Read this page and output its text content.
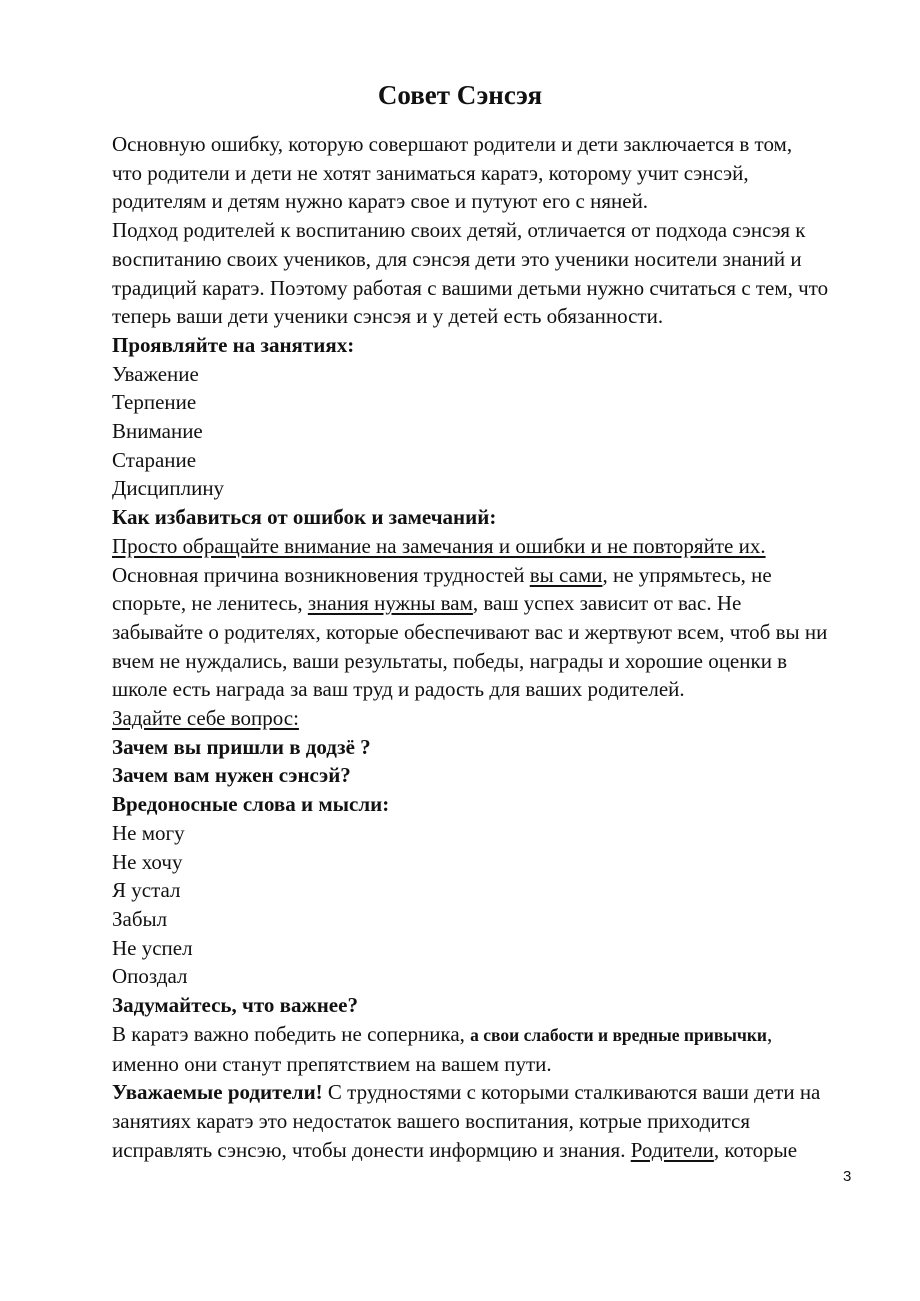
Совет Сэнсэя
Основную ошибку, которую совершают родители и дети заключается в том,
что родители и дети не хотят заниматься каратэ, которому учит сэнсэй,
родителям и детям нужно каратэ свое и путуют его с няней.
Подход родителей к воспитанию своих детяй, отличается от подхода сэнсэя к
воспитанию своих учеников, для сэнсэя дети это ученики носители знаний и
традиций каратэ. Поэтому работая с вашими детьми нужно считаться с тем, что
теперь ваши дети ученики сэнсэя и у детей есть обязанности.
Проявляйте на занятиях:
Уважение
Терпение
Внимание
Старание
Дисциплину
Как избавиться от ошибок и замечаний:
Просто обращайте внимание на замечания и ошибки и не повторяйте их.
Основная причина возникновения трудностей вы сами, не упрямьтесь, не
спорьте, не ленитесь, знания нужны вам, ваш успех зависит от вас. Не
забывайте о родителях, которые обеспечивают вас и жертвуют всем, чтоб вы ни
вчем не нуждались, ваши результаты, победы, награды и хорошие оценки в
школе есть награда за ваш труд и радость для ваших родителей.
Задайте себе вопрос:
Зачем вы пришли в додзё ?
Зачем вам нужен сэнсэй?
Вредоносные слова и мысли:
Не могу
Не хочу
Я устал
Забыл
Не успел
Опоздал
Задумайтесь, что важнее?
В каратэ важно победить не соперника, а свои слабости и вредные привычки,
именно они станут препятствием на вашем пути.
Уважаемые родители! С трудностями с которыми сталкиваются ваши дети на
занятиях каратэ это недостаток вашего воспитания, котрые приходится
исправлять сэнсэю, чтобы донести информцию и знания. Родители, которые
3
